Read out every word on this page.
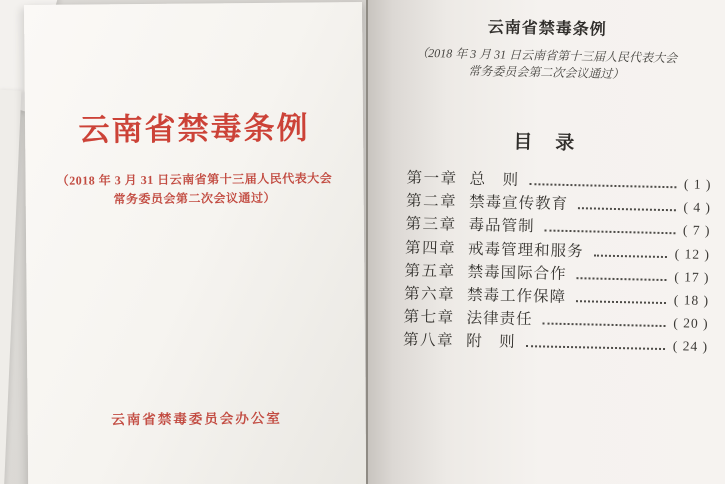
云南省禁毒条例
（2018 年 3 月 31 日云南省第十三届人民代表大会
常务委员会第二次会议通过）
云南省禁毒委员会办公室
云南省禁毒条例
（2018 年 3 月 31 日云南省第十三届人民代表大会
常务委员会第二次会议通过）
目　录
第一章 总　则	( 1 )
第二章 禁毒宣传教育	( 4 )
第三章 毒品管制	( 7 )
第四章 戒毒管理和服务	( 12 )
第五章 禁毒国际合作	( 17 )
第六章 禁毒工作保障	( 18 )
第七章 法律责任	( 20 )
第八章 附　则	( 24 )
